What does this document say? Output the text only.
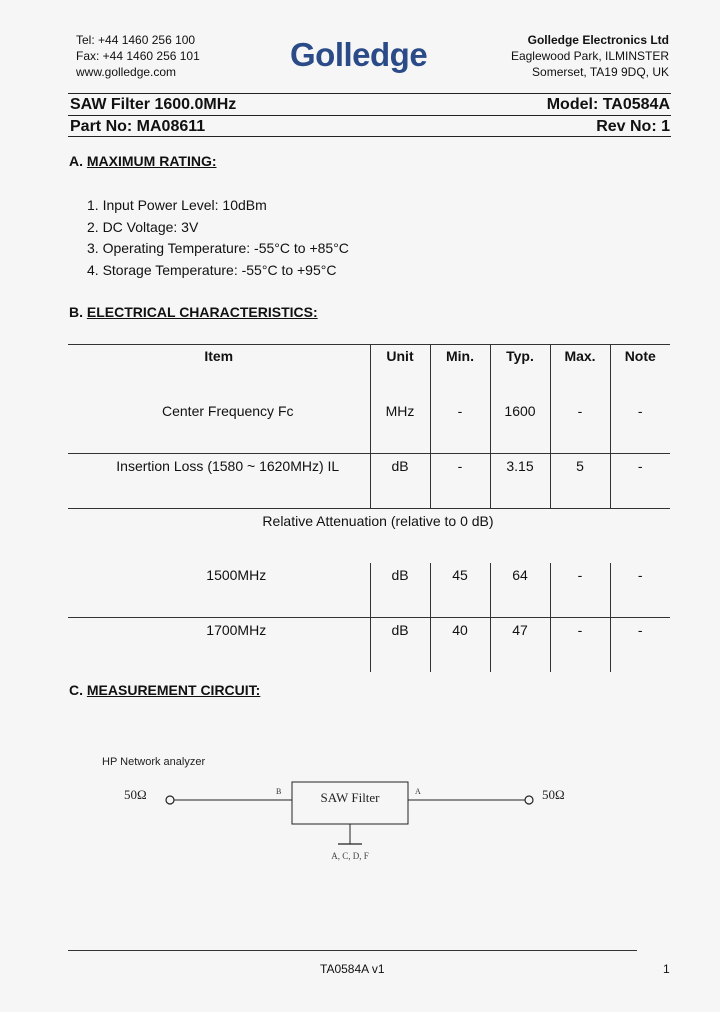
Tel: +44 1460 256 100
Fax: +44 1460 256 101
www.golledge.com	Golledge	Golledge Electronics Ltd
Eaglewood Park, ILMINSTER
Somerset, TA19 9DQ, UK
SAW Filter 1600.0MHz	Model: TA0584A
Part No: MA08611	Rev No: 1
A. MAXIMUM RATING:
1. Input Power Level: 10dBm
2. DC Voltage: 3V
3. Operating Temperature: -55°C to +85°C
4. Storage Temperature: -55°C to +95°C
B. ELECTRICAL CHARACTERISTICS:
Item	Unit	Min.	Typ.	Max.	Note
Center Frequency Fc	MHz	-	1600	-	-
Insertion Loss (1580 ~ 1620MHz) IL	dB	-	3.15	5	-
Relative Attenuation (relative to 0 dB)					
1500MHz	dB	45	64	-	-
1700MHz	dB	40	47	-	-
C. MEASUREMENT CIRCUIT:
HP Network analyzer
50Ω	B	SAW Filter	A	50Ω
A, C, D, F
TA0584A v1	1
